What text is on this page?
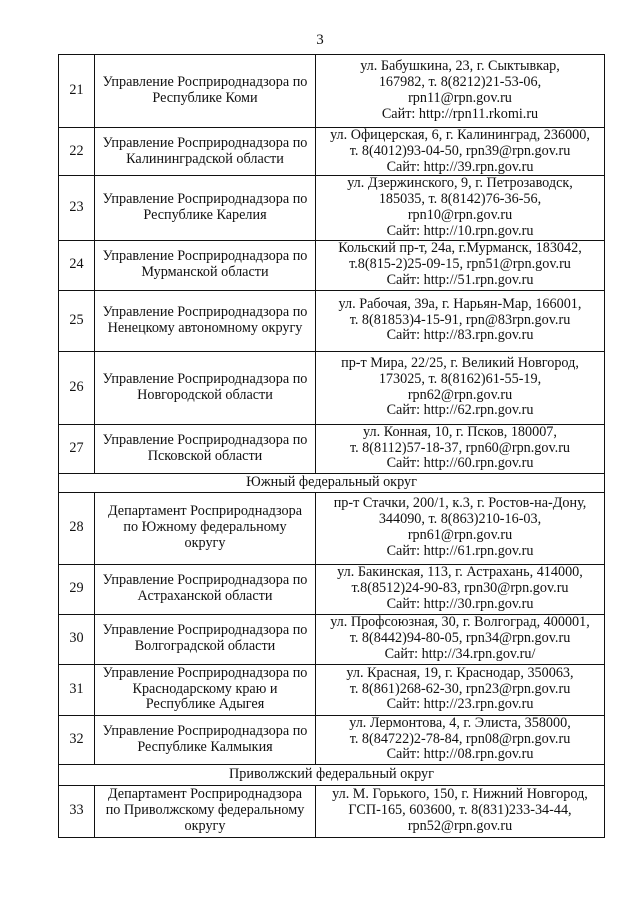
3
21	Управление Росприроднадзора по
Республике Коми	ул. Бабушкина, 23, г. Сыктывкар,
167982, т. 8(8212)21-53-06,
rpn11@rpn.gov.ru
Сайт: http://rpn11.rkomi.ru

22	Управление Росприроднадзора по
Калининградской области	ул. Офицерская, 6, г. Калининград, 236000,
т. 8(4012)93-04-50, rpn39@rpn.gov.ru
Сайт: http://39.rpn.gov.ru

23	Управление Росприроднадзора по
Республике Карелия	ул. Дзержинского, 9, г. Петрозаводск,
185035, т. 8(8142)76-36-56,
rpn10@rpn.gov.ru
Сайт: http://10.rpn.gov.ru

24	Управление Росприроднадзора по
Мурманской области	Кольский пр-т, 24а, г.Мурманск, 183042,
т.8(815-2)25-09-15, rpn51@rpn.gov.ru
Сайт: http://51.rpn.gov.ru

25	Управление Росприроднадзора по
Ненецкому автономному округу	ул. Рабочая, 39а, г. Нарьян-Мар, 166001,
т. 8(81853)4-15-91, rpn@83rpn.gov.ru
Сайт: http://83.rpn.gov.ru

26	Управление Росприроднадзора по
Новгородской области	пр-т Мира, 22/25, г. Великий Новгород,
173025, т. 8(8162)61-55-19,
rpn62@rpn.gov.ru
Сайт: http://62.rpn.gov.ru

27	Управление Росприроднадзора по
Псковской области	ул. Конная, 10, г. Псков, 180007,
т. 8(8112)57-18-37, rpn60@rpn.gov.ru
Сайт: http://60.rpn.gov.ru

Южный федеральный округ		
28	Департамент Росприроднадзора
по Южному федеральному
округу	пр-т Стачки, 200/1, к.3, г. Ростов-на-Дону,
344090, т. 8(863)210-16-03,
rpn61@rpn.gov.ru
Сайт: http://61.rpn.gov.ru

29	Управление Росприроднадзора по
Астраханской области	ул. Бакинская, 113, г. Астрахань, 414000,
т.8(8512)24-90-83, rpn30@rpn.gov.ru
Сайт: http://30.rpn.gov.ru

30	Управление Росприроднадзора по
Волгоградской области	ул. Профсоюзная, 30, г. Волгоград, 400001,
т. 8(8442)94-80-05, rpn34@rpn.gov.ru
Сайт: http://34.rpn.gov.ru/

31	Управление Росприроднадзора по
Краснодарскому краю и
Республике Адыгея	ул. Красная, 19, г. Краснодар, 350063,
т. 8(861)268-62-30, rpn23@rpn.gov.ru
Сайт: http://23.rpn.gov.ru

32	Управление Росприроднадзора по
Республике Калмыкия	ул. Лермонтова, 4, г. Элиста, 358000,
т. 8(84722)2-78-84, rpn08@rpn.gov.ru
Сайт: http://08.rpn.gov.ru

Приволжский федеральный округ		
33	Департамент Росприроднадзора
по Приволжскому федеральному
округу	ул. М. Горького, 150, г. Нижний Новгород,
ГСП-165, 603600, т. 8(831)233-34-44,
rpn52@rpn.gov.ru
